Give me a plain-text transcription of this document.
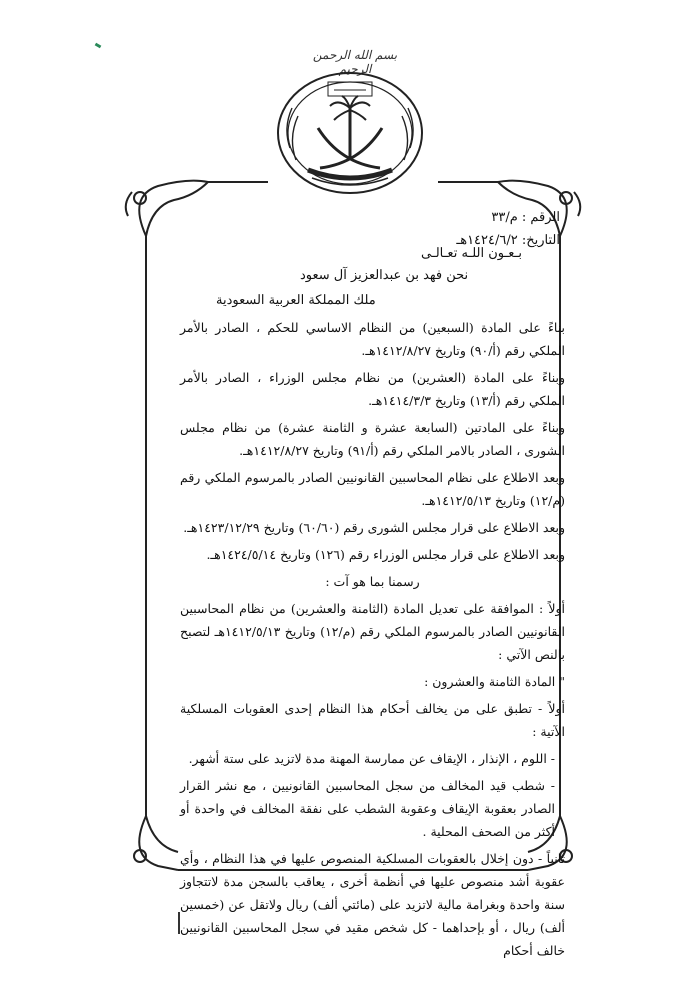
بسم الله الرحمن الرحيم
الرقم : م/٣٣
التاريخ: ١٤٢٤/٦/٢هـ
بـعـون اللـه تعـالـى
نحن فهد بن عبدالعزيز آل سعود
ملك المملكة العربية السعودية

بناءً على المادة (السبعين) من النظام الاساسي للحكم ، الصادر بالأمر الملكي رقم (أ/٩٠) وتاريخ ١٤١٢/٨/٢٧هـ.

وبناءً على المادة (العشرين) من نظام مجلس الوزراء ، الصادر بالأمر الملكي رقم (أ/١٣) وتاريخ ١٤١٤/٣/٣هـ.

وبناءً على المادتين (السابعة عشرة و الثامنة عشرة) من نظام مجلس الشورى ، الصادر بالامر الملكي رقم (أ/٩١) وتاريخ ١٤١٢/٨/٢٧هـ.

وبعد الاطلاع على نظام المحاسبين القانونيين الصادر بالمرسوم الملكي رقم (م/١٢) وتاريخ ١٤١٢/٥/١٣هـ.

وبعد الاطلاع على قرار مجلس الشورى رقم (٦٠/٦٠) وتاريخ ١٤٢٣/١٢/٢٩هـ.

وبعد الاطلاع على قرار مجلس الوزراء رقم (١٢٦) وتاريخ ١٤٢٤/٥/١٤هـ.

رسمنا بما هو آت :

أولاً : الموافقة على تعديل المادة (الثامنة والعشرين) من نظام المحاسبين القانونيين الصادر بالمرسوم الملكي رقم (م/١٢) وتاريخ ١٤١٢/٥/١٣هـ لتصبح بالنص الآتي :

" المادة الثامنة والعشرون :

أولاً - تطبق على من يخالف أحكام هذا النظام إحدى العقوبات المسلكية الآتية :

- اللوم ، الإنذار ، الإيقاف عن ممارسة المهنة مدة لاتزيد على ستة أشهر.

- شطب قيد المخالف من سجل المحاسبين القانونيين ، مع نشر القرار الصادر بعقوبة الإيقاف وعقوبة الشطب على نفقة المخالف في واحدة أو أكثر من الصحف المحلية .

ثانياً - دون إخلال بالعقوبات المسلكية المنصوص عليها في هذا النظام ، وأي عقوبة أشد منصوص عليها في أنظمة أخرى ، يعاقب بالسجن مدة لاتتجاوز سنة واحدة وبغرامة مالية لاتزيد على (مائتي ألف) ريال ولاتقل عن (خمسين ألف) ريال ، أو بإحداهما - كل شخص مقيد في سجل المحاسبين القانونيين خالف أحكام
